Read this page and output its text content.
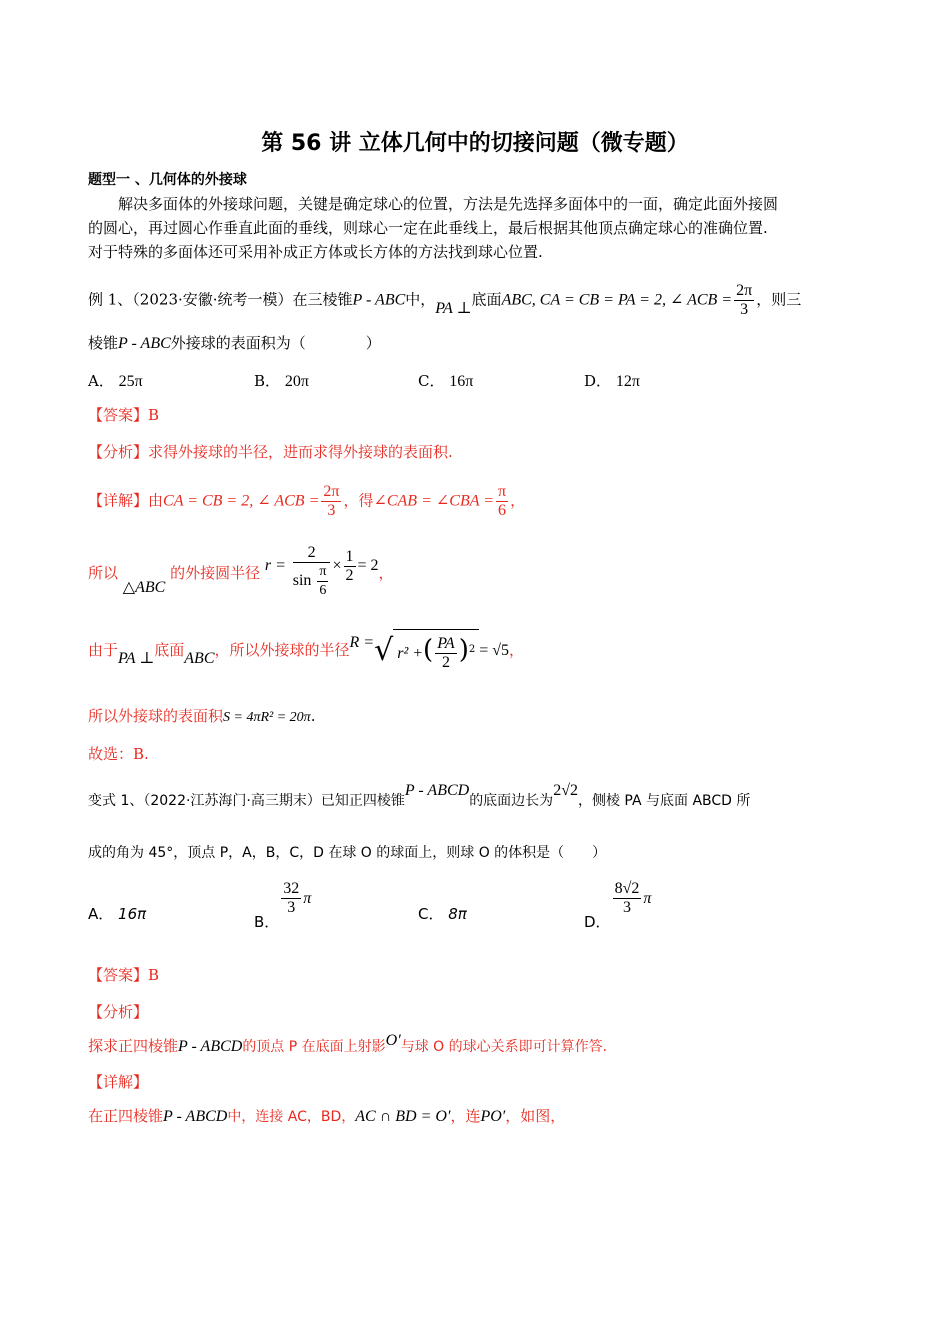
第 56 讲 立体几何中的切接问题（微专题）
题型一 、几何体的外接球
解决多面体的外接球问题，关键是确定球心的位置，方法是先选择多面体中的一面，确定此面外接圆
的圆心，再过圆心作垂直此面的垂线，则球心一定在此垂线上，最后根据其他顶点确定球心的准确位置.
对于特殊的多面体还可采用补成正方体或长方体的方法找到球心位置.
例 1、（2023·安徽·统考一模）在三棱锥P - ABC中，PA ⊥底面ABC, CA = CB = PA = 2, ∠ ACB = $\frac{2\pi}{3}$ ，则三
棱锥P - ABC外接球的表面积为（　　　　）
A． 25π	B． 20π	C． 16π	D． 12π
【答案】B
【分析】求得外接球的半径，进而求得外接球的表面积.
【详解】由CA = CB = 2, ∠ ACB = $\frac{2\pi}{3}$ ，得∠CAB = ∠CBA = $\frac{\pi}{6}$ ，
所以 △ABC 的外接圆半径 $r = \frac{2}{\sin \frac{\pi}{6}} \times \frac{1}{2} = 2$，
由于PA ⊥底面ABC，所以外接球的半径R =√ r² +( $\frac{PA}{2} )^2 = √5$，
所以外接球的表面积S = 4πR² = 20π.
故选：B.
变式 1、（2022·江苏海门·高三期末）已知正四棱锥P - ABCD的底面边长为2√2，侧棱 PA 与底面 ABCD 所
成的角为 45°，顶点 P，A，B，C，D 在球 O 的球面上，则球 O 的体积是（　　）
A． 16π	B．
$\frac{32}{3}$ π
C． 8π	D．
$\frac{8√2}{3}$ π
【答案】B
【分析】
探求正四棱锥P - ABCD的顶点 P 在底面上射影O′与球 O 的球心关系即可计算作答.
【详解】
在正四棱锥P - ABCD中，连接 AC，BD，AC ∩ BD = O′，连PO′，如图，
